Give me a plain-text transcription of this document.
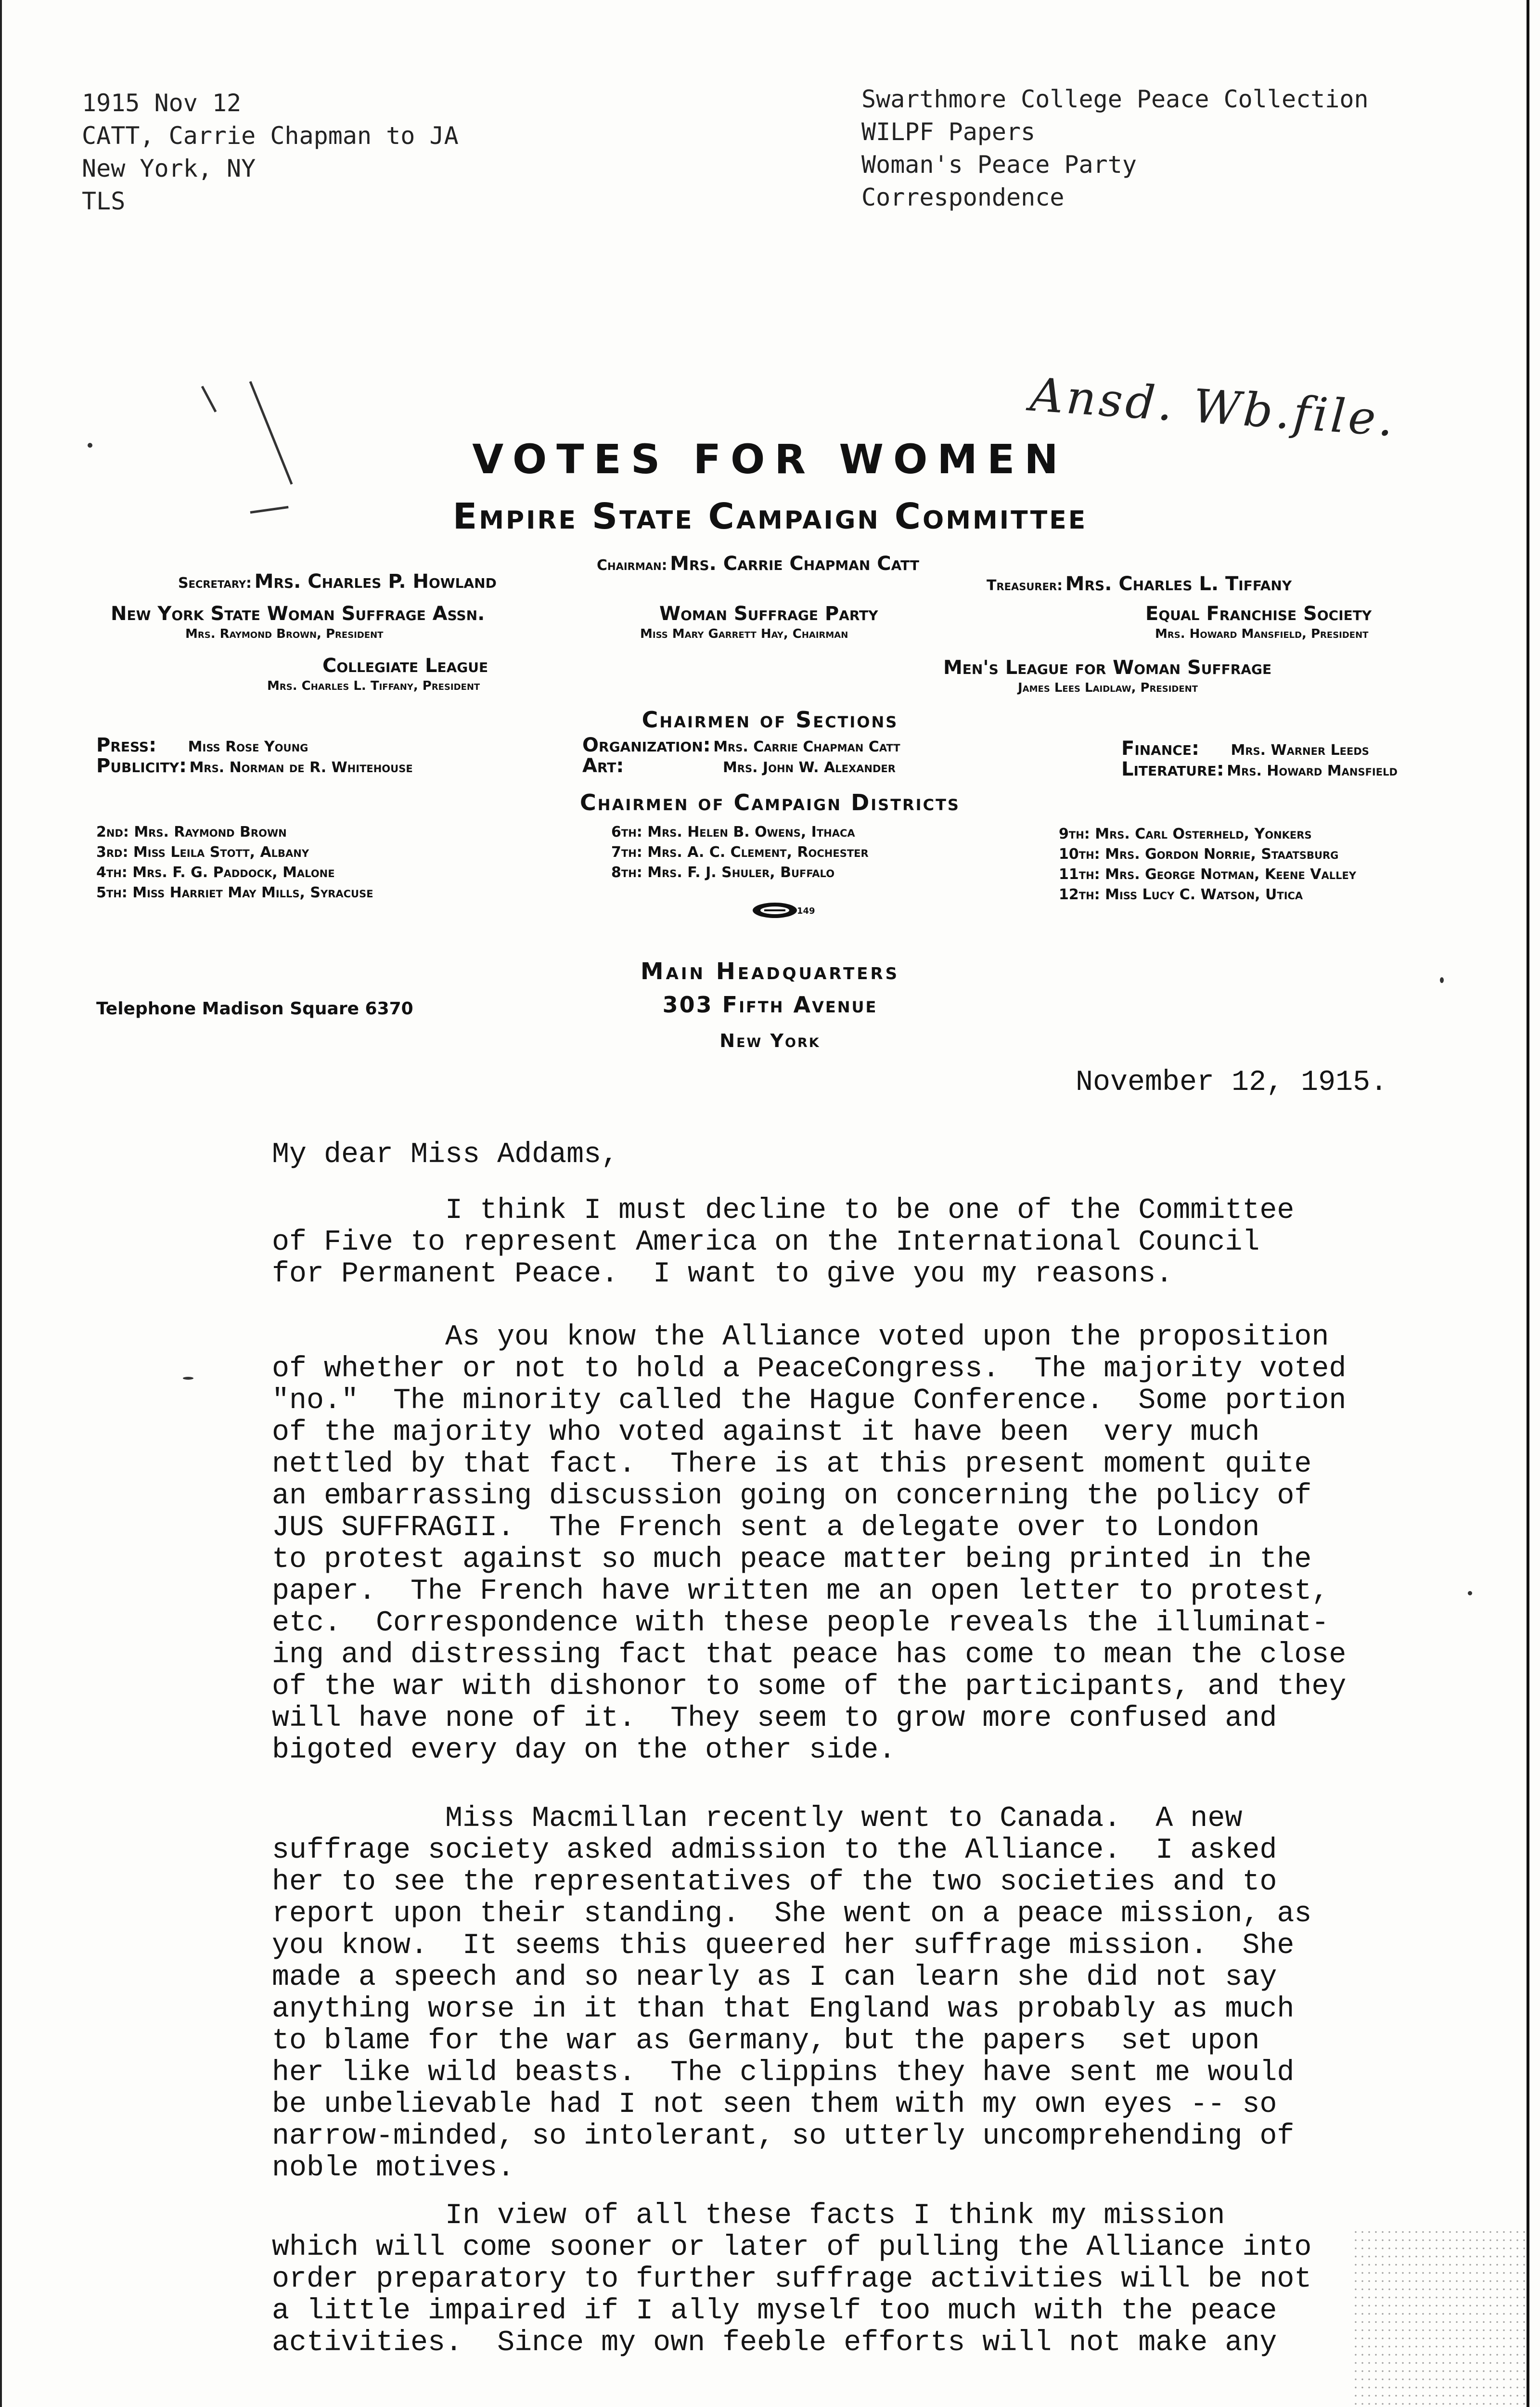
1915 Nov 12
CATT, Carrie Chapman to JA
New York, NY
TLS
Swarthmore College Peace Collection
WILPF Papers
Woman's Peace Party
Correspondence
Ansd. Wb.file.
VOTES FOR WOMEN
Empire State Campaign Committee
Chairman: Mrs. Carrie Chapman Catt
Secretary: Mrs. Charles P. Howland	Treasurer: Mrs. Charles L. Tiffany
New York State Woman Suffrage Assn.
Mrs. Raymond Brown, President
Woman Suffrage Party
Miss Mary Garrett Hay, Chairman
Equal Franchise Society
Mrs. Howard Mansfield, President
Collegiate League
Mrs. Charles L. Tiffany, President
Men's League for Woman Suffrage
James Lees Laidlaw, President
Chairmen of Sections
Press: Miss Rose Young
Publicity: Mrs. Norman de R. Whitehouse
Organization: Mrs. Carrie Chapman Catt
Art:	Mrs. John W. Alexander
Finance: Mrs. Warner Leeds
Literature: Mrs. Howard Mansfield
Chairmen of Campaign Districts
2nd: Mrs. Raymond Brown
3rd: Miss Leila Stott, Albany
4th: Mrs. F. G. Paddock, Malone
5th: Miss Harriet May Mills, Syracuse
6th: Mrs. Helen B. Owens, Ithaca
7th: Mrs. A. C. Clement, Rochester
8th: Mrs. F. J. Shuler, Buffalo
9th: Mrs. Carl Osterheld, Yonkers
10th: Mrs. Gordon Norrie, Staatsburg
11th: Mrs. George Notman, Keene Valley
12th: Miss Lucy C. Watson, Utica
149
Main Headquarters
303 Fifth Avenue
New York
Telephone Madison Square 6370
November 12, 1915.
My dear Miss Addams,
I think I must decline to be one of the Committee
of Five to represent America on the International Council
for Permanent Peace.  I want to give you my reasons.
As you know the Alliance voted upon the proposition
of whether or not to hold a PeaceCongress.  The majority voted
"no."  The minority called the Hague Conference.  Some portion
of the majority who voted against it have been  very much
nettled by that fact.  There is at this present moment quite
an embarrassing discussion going on concerning the policy of
JUS SUFFRAGII.  The French sent a delegate over to London
to protest against so much peace matter being printed in the
paper.  The French have written me an open letter to protest,
etc.  Correspondence with these people reveals the illuminat-
ing and distressing fact that peace has come to mean the close
of the war with dishonor to some of the participants, and they
will have none of it.  They seem to grow more confused and
bigoted every day on the other side.
Miss Macmillan recently went to Canada.  A new
suffrage society asked admission to the Alliance.  I asked
her to see the representatives of the two societies and to
report upon their standing.  She went on a peace mission, as
you know.  It seems this queered her suffrage mission.  She
made a speech and so nearly as I can learn she did not say
anything worse in it than that England was probably as much
to blame for the war as Germany, but the papers  set upon
her like wild beasts.  The clippins they have sent me would
be unbelievable had I not seen them with my own eyes -- so
narrow-minded, so intolerant, so utterly uncomprehending of
noble motives.
In view of all these facts I think my mission
which will come sooner or later of pulling the Alliance into
order preparatory to further suffrage activities will be not
a little impaired if I ally myself too much with the peace
activities.  Since my own feeble efforts will not make any
